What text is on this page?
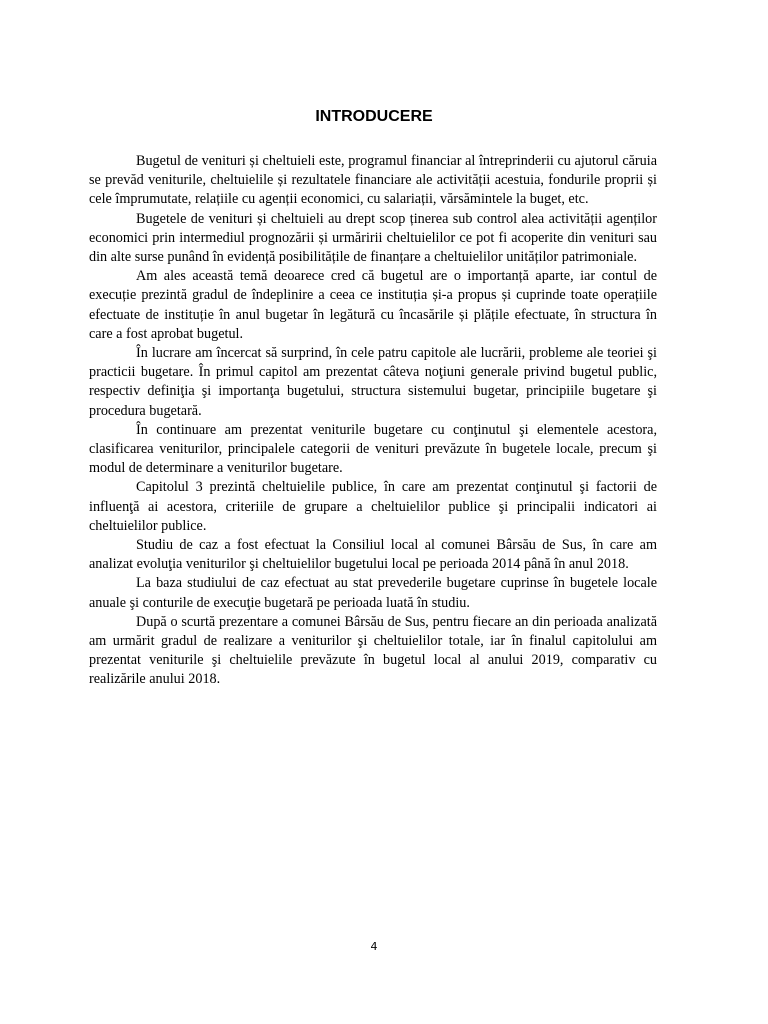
INTRODUCERE

Bugetul de venituri și cheltuieli este, programul financiar al întreprinderii cu ajutorul căruia se prevăd veniturile, cheltuielile și rezultatele financiare ale activității acestuia, fondurile proprii și cele împrumutate, relațiile cu agenții economici, cu salariații, vărsămintele la buget, etc.

Bugetele de venituri și cheltuieli au drept scop ținerea sub control alea activității agenților economici prin intermediul prognozării și urmăririi cheltuielilor ce pot fi acoperite din venituri sau din alte surse punând în evidență posibilitățile de finanțare a cheltuielilor unităților patrimoniale.

Am ales această temă deoarece cred că bugetul are o importanță aparte, iar contul de execuție prezintă gradul de îndeplinire a ceea ce instituția și-a propus și cuprinde toate operațiile efectuate de instituție în anul bugetar în legătură cu încasările și plățile efectuate, în structura în care a fost aprobat bugetul.

În lucrare am încercat să surprind, în cele patru capitole ale lucrării, probleme ale teoriei şi practicii bugetare. În primul capitol am prezentat câteva noţiuni generale privind bugetul public, respectiv definiţia şi importanţa bugetului, structura sistemului bugetar, principiile bugetare şi procedura bugetară.

În continuare am prezentat veniturile bugetare cu conţinutul şi elementele acestora, clasificarea veniturilor, principalele categorii de venituri prevăzute în bugetele locale, precum şi modul de determinare a veniturilor bugetare.

Capitolul 3 prezintă cheltuielile publice, în care am prezentat conţinutul şi factorii de influenţă ai acestora, criteriile de grupare a cheltuielilor publice şi principalii indicatori ai cheltuielilor publice.

Studiu de caz a fost efectuat la Consiliul local al comunei Bârsău de Sus, în care am analizat evoluţia veniturilor şi cheltuielilor bugetului local pe perioada 2014 până în anul 2018.

La baza studiului de caz efectuat au stat prevederile bugetare cuprinse în bugetele locale anuale şi conturile de execuţie bugetară pe perioada luată în studiu.

După o scurtă prezentare a comunei Bârsău de Sus, pentru fiecare an din perioada analizată am urmărit gradul de realizare a veniturilor şi cheltuielilor totale, iar în finalul capitolului am prezentat veniturile şi cheltuielile prevăzute în bugetul local al anului 2019, comparativ cu realizările anului 2018.

4
